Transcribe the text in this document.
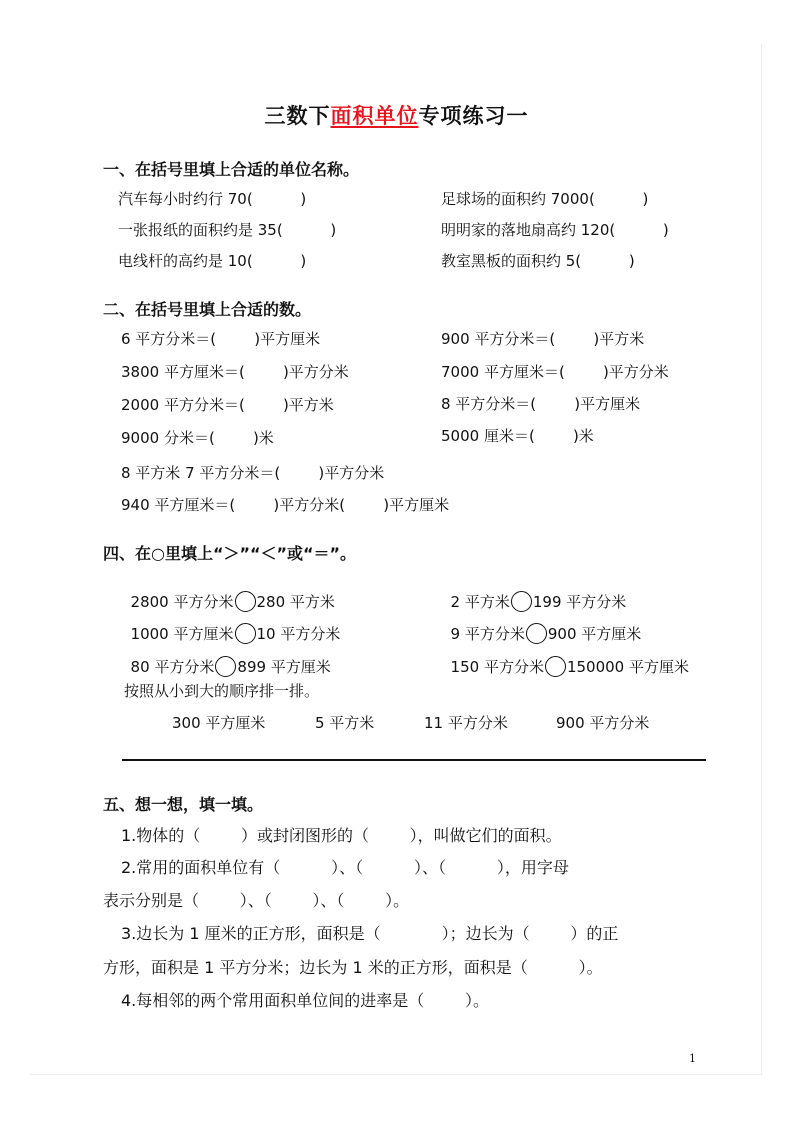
三数下面积单位专项练习一
一、在括号里填上合适的单位名称。
汽车每小时约行 70(          )	足球场的面积约 7000(          )
一张报纸的面积约是 35(          )	明明家的落地扇高约 120(          )
电线杆的高约是 10(          )	教室黑板的面积约 5(          )
二、在括号里填上合适的数。
6 平方分米＝(        )平方厘米	900 平方分米＝(        )平方米
3800 平方厘米＝(        )平方分米	7000 平方厘米＝(        )平方分米
2000 平方分米＝(        )平方米	8 平方分米＝(        )平方厘米
9000 分米＝(        )米	5000 厘米＝(        )米
8 平方米 7 平方分米＝(        )平方分米
940 平方厘米＝(        )平方分米(        )平方厘米
四、在○里填上“＞”“＜”或“＝”。

2800 平方分米 280 平方米	2 平方米 199 平方分米

1000 平方厘米 10 平方分米	9 平方分米 900 平方厘米

80 平方分米 899 平方厘米	150 平方分米 150000 平方厘米

按照从小到大的顺序排一排。
300 平方厘米	5 平方米	11 平方分米	900 平方分米
五、想一想，填一填。
1.物体的（        ）或封闭图形的（        ），叫做它们的面积。
2.常用的面积单位有（          ）、（          ）、（          ），用字母
表示分别是（        ）、（        ）、（        ）。
3.边长为 1 厘米的正方形，面积是（            ）；边长为（        ）的正
方形，面积是 1 平方分米；边长为 1 米的正方形，面积是（          ）。
4.每相邻的两个常用面积单位间的进率是（        ）。
1
